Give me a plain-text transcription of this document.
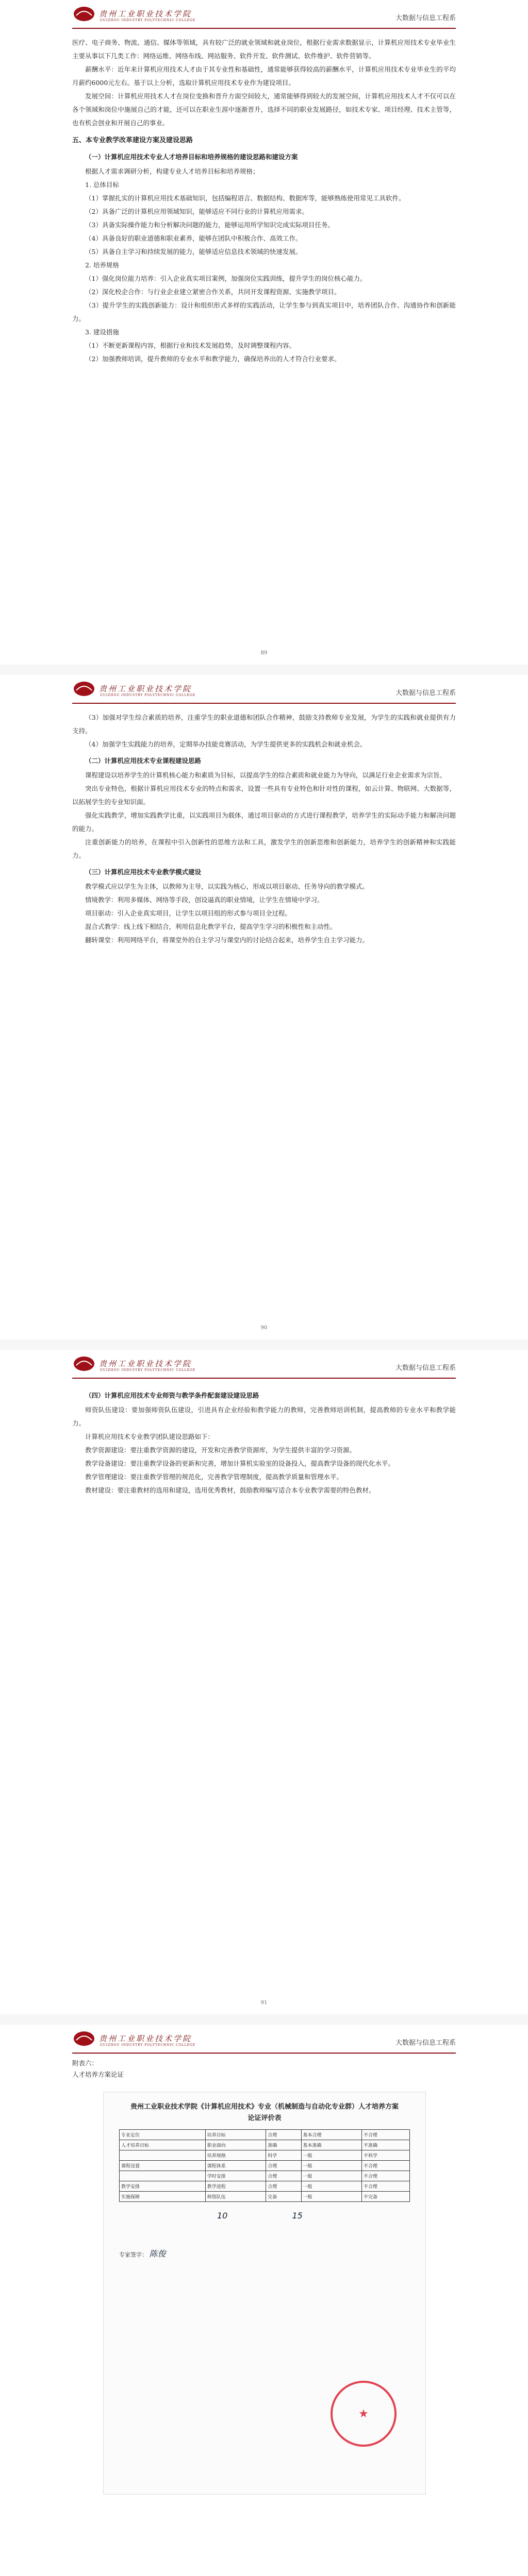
贵州工业职业技术学院
GUIZHOU INDUSTRY POLYTECHNIC COLLEGE	大数据与信息工程系

医疗、电子商务、物流、通信、媒体等领域，具有较广泛的就业领域和就业岗位，根据行业需求数据显示，计算机应用技术专业毕业生主要从事以下几类工作：网络运维、网络布线、网站服务、软件开发、软件测试、软件维护、软件营销等。

薪酬水平：近年来计算机应用技术人才由于其专业性和基础性，通常能够获得较高的薪酬水平，计算机应用技术专业毕业生的平均月薪约6000元左右。基于以上分析，选取计算机应用技术专业作为建设项目。

发展空间：计算机应用技术人才在岗位变换和晋升方面空间较大，通常能够得到较大的发展空间，计算机应用技术人才不仅可以在各个领域和岗位中施展自己的才能，还可以在职业生涯中逐渐晋升，选择不同的职业发展路径，如技术专家、项目经理、技术主管等，也有机会创业和开展自己的事业。

五、本专业教学改革建设方案及建设思路
（一）计算机应用技术专业人才培养目标和培养规格的建设思路和建设方案

根据人才需求调研分析，构建专业人才培养目标和培养规格；

1. 总体目标

（1）掌握扎实的计算机应用技术基础知识，包括编程语言、数据结构、数据库等，能够熟练使用常见工具软件。

（2）具备广泛的计算机应用领域知识，能够适应不同行业的计算机应用需求。

（3）具备实际操作能力和分析解决问题的能力，能够运用所学知识完成实际项目任务。

（4）具备良好的职业道德和职业素养，能够在团队中积极合作、高效工作。

（5）具备自主学习和持续发展的能力，能够适应信息技术领域的快速发展。

2. 培养规格

（1）强化岗位能力培养：引入企业真实项目案例，加强岗位实践训练，提升学生的岗位核心能力。

（2）深化校企合作：与行业企业建立紧密合作关系，共同开发课程资源、实施教学项目。

（3）提升学生的实践创新能力：设计和组织形式多样的实践活动，让学生参与到真实项目中，培养团队合作、沟通协作和创新能力。

3. 建设措施

（1）不断更新课程内容，根据行业和技术发展趋势，及时调整课程内容。

（2）加强教师培训，提升教师的专业水平和教学能力，确保培养出的人才符合行业要求。

89
贵州工业职业技术学院
GUIZHOU INDUSTRY POLYTECHNIC COLLEGE	大数据与信息工程系

（3）加强对学生综合素质的培养，注重学生的职业道德和团队合作精神，鼓励支持教师专业发展，为学生的实践和就业提供有力支持。

（4）加强学生实践能力的培养，定期举办技能竞赛活动，为学生提供更多的实践机会和就业机会。

（二）计算机应用技术专业课程建设思路

课程建设以培养学生的计算机核心能力和素质为目标，以提高学生的综合素质和就业能力为导向，以满足行业企业需求为宗旨。

突出专业特色，根据计算机应用技术专业的特点和需求，设置一些具有专业特色和针对性的课程，如云计算、物联网、大数据等，以拓展学生的专业知识面。

强化实践教学，增加实践教学比重，以实践项目为载体，通过项目驱动的方式进行课程教学，培养学生的实际动手能力和解决问题的能力。

注重创新能力的培养，在课程中引入创新性的思维方法和工具，激发学生的创新思维和创新能力，培养学生的创新精神和实践能力。

（三）计算机应用技术专业教学模式建设

教学模式应以学生为主体，以教师为主导，以实践为核心，形成以项目驱动、任务导向的教学模式。

情境教学：利用多媒体、网络等手段，创设逼真的职业情境，让学生在情境中学习。

项目驱动：引入企业真实项目，让学生以项目组的形式参与项目全过程。

混合式教学：线上线下相结合，利用信息化教学平台，提高学生学习的积极性和主动性。

翻转课堂：利用网络平台，将课堂外的自主学习与课堂内的讨论结合起来，培养学生自主学习能力。

90
贵州工业职业技术学院
GUIZHOU INDUSTRY POLYTECHNIC COLLEGE	大数据与信息工程系
（四）计算机应用技术专业师资与教学条件配套建设建设思路

师资队伍建设：要加强师资队伍建设，引进具有企业经验和教学能力的教师，完善教师培训机制，提高教师的专业水平和教学能力。

计算机应用技术专业教学团队建设思路如下：

教学资源建设：要注重教学资源的建设，开发和完善教学资源库，为学生提供丰富的学习资源。

教学设备建设：要注重教学设备的更新和完善，增加计算机实验室的设备投入，提高教学设备的现代化水平。

教学管理建设：要注重教学管理的规范化，完善教学管理制度，提高教学质量和管理水平。

教材建设：要注重教材的选用和建设，选用优秀教材，鼓励教师编写适合本专业教学需要的特色教材。

91
贵州工业职业技术学院
GUIZHOU INDUSTRY POLYTECHNIC COLLEGE	大数据与信息工程系

附表六：

人才培养方案论证

贵州工业职业技术学院《计算机应用技术》专业（机械制造与自动化专业群）人才培养方案论证评价表
专业定位	培养目标	合理	基本合理	不合理
人才培养目标	职业面向	准确	基本准确	不准确
	培养规格	科学	一般	不科学
课程设置	课程体系	合理	一般	不合理
	学时安排	合理	一般	不合理
教学安排	教学进程	合理	一般	不合理
实施保障	师资队伍	完备	一般	不完备
10	15
专家签字： 陈俊
★
